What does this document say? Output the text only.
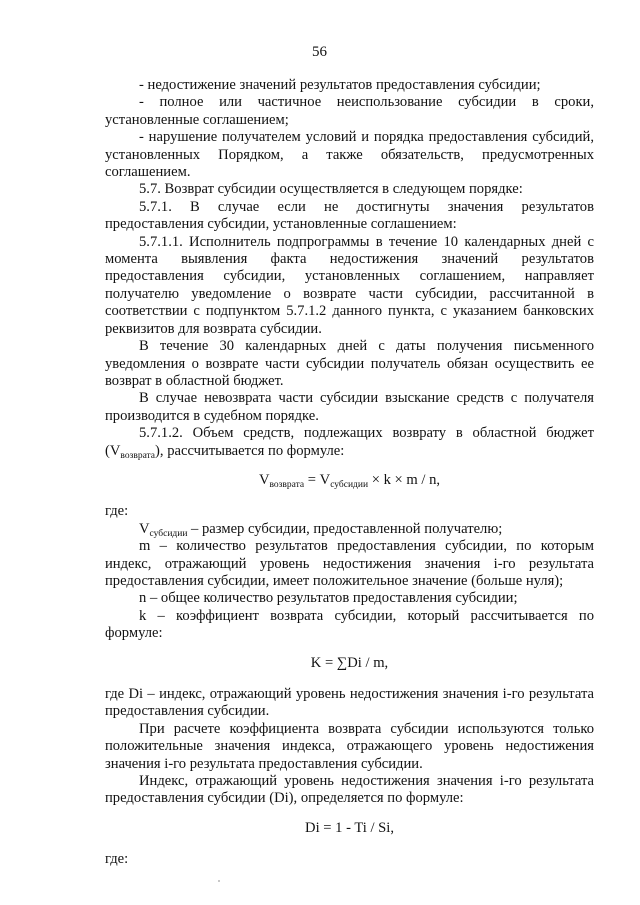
56

- недостижение значений результатов предоставления субсидии;

- полное или частичное неиспользование субсидии в сроки, установленные соглашением;

- нарушение получателем условий и порядка предоставления субсидий, установленных Порядком, а также обязательств, предусмотренных соглашением.

5.7. Возврат субсидии осуществляется в следующем порядке:

5.7.1. В случае если не достигнуты значения результатов предоставления субсидии, установленные соглашением:

5.7.1.1. Исполнитель подпрограммы в течение 10 календарных дней с момента выявления факта недостижения значений результатов предоставления субсидии, установленных соглашением, направляет получателю уведомление о возврате части субсидии, рассчитанной в соответствии с подпунктом 5.7.1.2 данного пункта, с указанием банковских реквизитов для возврата субсидии.

В течение 30 календарных дней с даты получения письменного уведомления о возврате части субсидии получатель обязан осуществить ее возврат в областной бюджет.

В случае невозврата части субсидии взыскание средств с получателя производится в судебном порядке.

5.7.1.2. Объем средств, подлежащих возврату в областной бюджет $(V_{возврата})$, рассчитывается по формуле:

$V_{возврата} = V_{субсидии} \times k \times m / n$,

где:

$V_{субсидии}$ – размер субсидии, предоставленной получателю;

m – количество результатов предоставления субсидии, по которым индекс, отражающий уровень недостижения значения i-го результата предоставления субсидии, имеет положительное значение (больше нуля);

n – общее количество результатов предоставления субсидии;

k – коэффициент возврата субсидии, который рассчитывается по формуле:

K = ∑Di / m,

где Di – индекс, отражающий уровень недостижения значения i-го результата предоставления субсидии.

При расчете коэффициента возврата субсидии используются только положительные значения индекса, отражающего уровень недостижения значения i-го результата предоставления субсидии.

Индекс, отражающий уровень недостижения значения i-го результата предоставления субсидии (Di), определяется по формуле:

Di = 1 - Ti / Si,

где:
